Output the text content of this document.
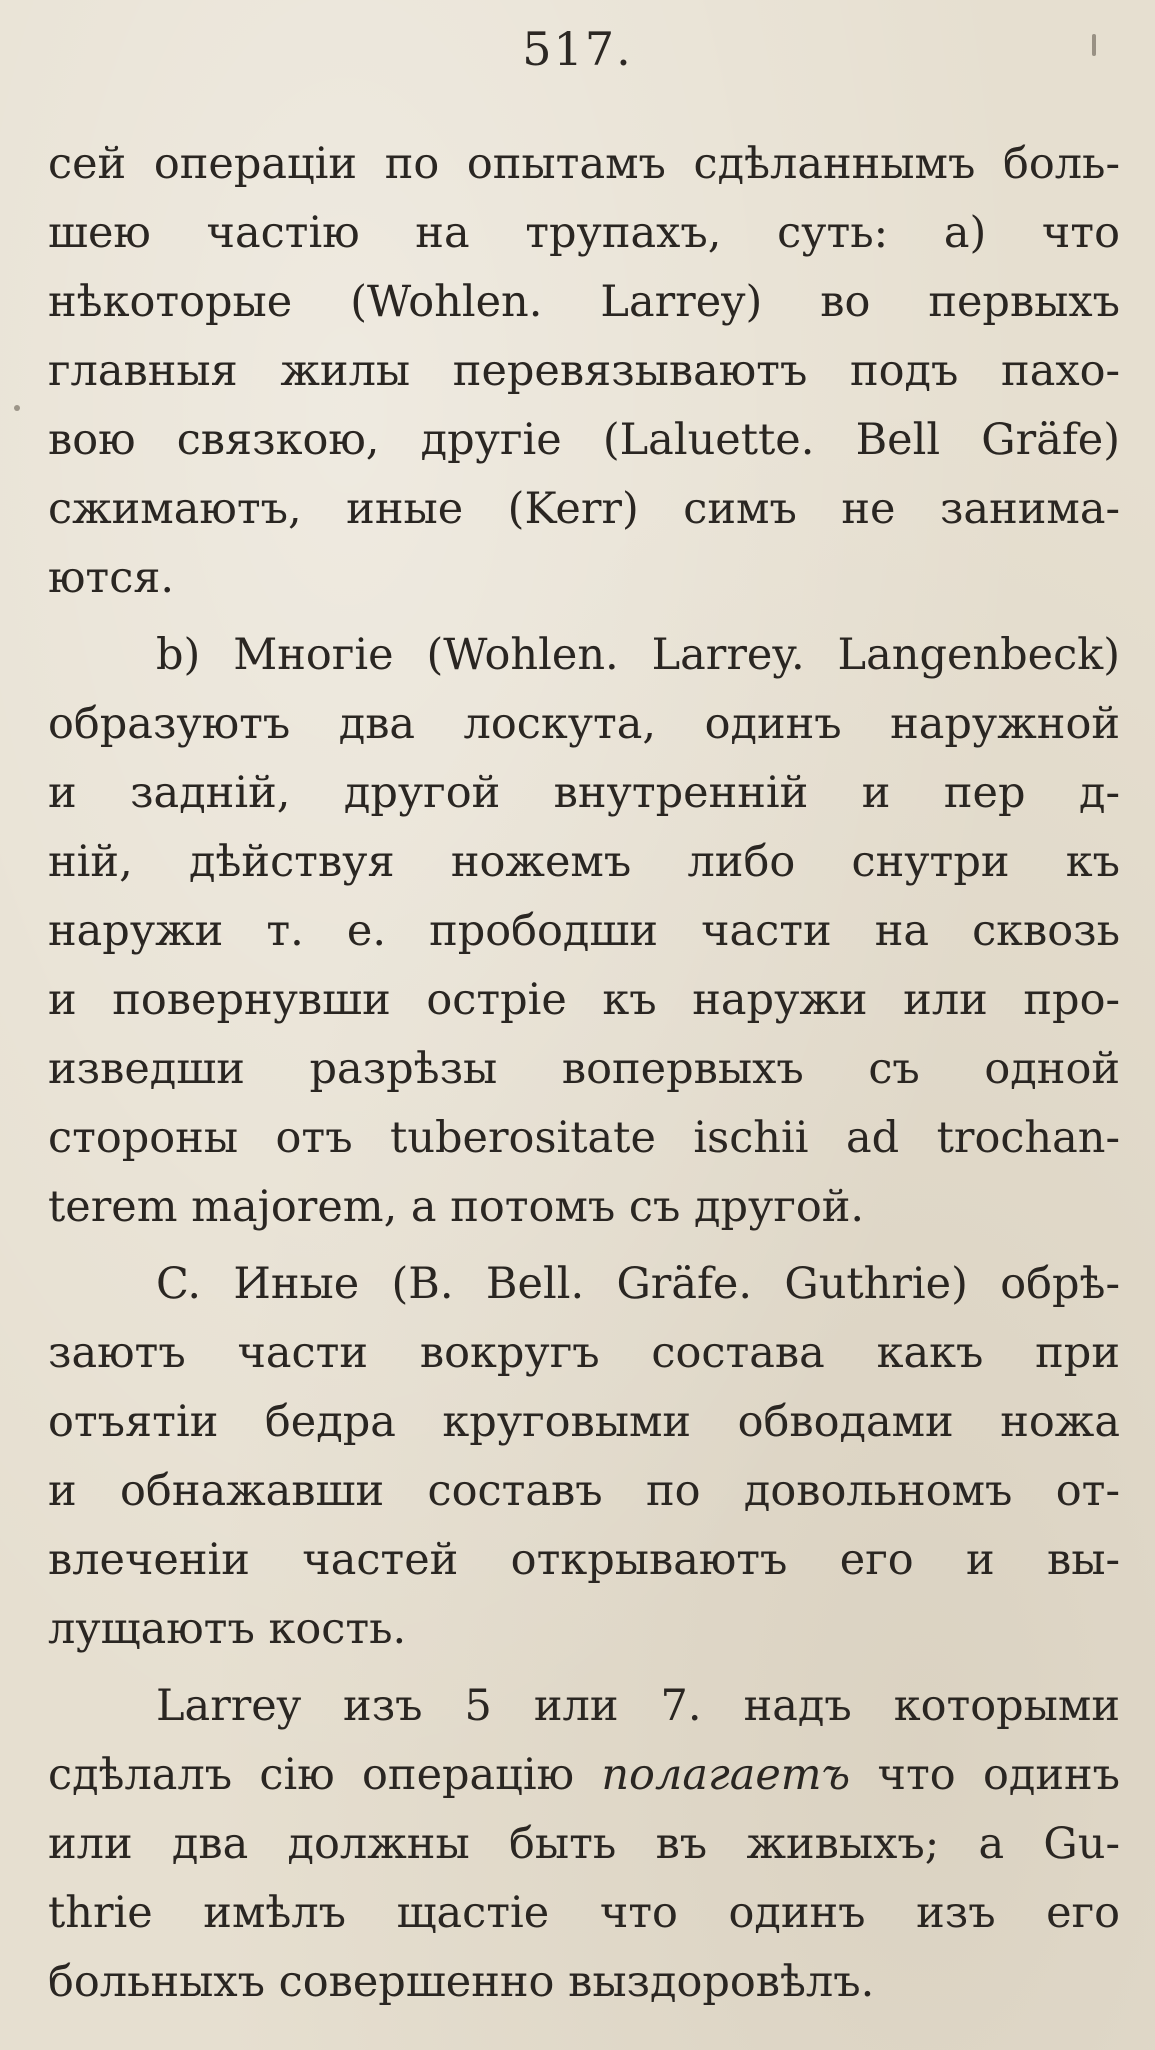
517.
сей операцiи по опытамъ сдѣланнымъ боль-
шею частiю на трупахъ, суть: а) что
нѣкоторые (Wohlen. Larrey) во первыхъ
главныя жилы перевязываютъ подъ пахо-
вою связкою, другiе (Laluette. Bell Gräfe)
сжимаютъ, иные (Kerr) симъ не занима-
ются.
b) Многiе (Wohlen. Larrey. Langenbeck)
образуютъ два лоскута, одинъ наружной
и заднiй, другой внутреннiй и пер д-
нiй, дѣйствуя ножемъ либо снутри къ
наружи т. е. прободши части на сквозь
и повернувши острiе къ наружи или про-
изведши разрѣзы вопервыхъ съ одной
стороны отъ tuberositate ischii ad trochan-
terem majorem, а потомъ съ другой.
C. Иные (B. Bell. Gräfe. Guthrie) обрѣ-
заютъ части вокругъ состава какъ при
отъятiи бедра круговыми обводами ножа
и обнажавши составъ по довольномъ от-
влеченiи частей открываютъ его и вы-
лущаютъ кость.
Larrey изъ 5 или 7. надъ которыми
сдѣлалъ сiю операцiю полагаетъ что одинъ
или два должны быть въ живыхъ; а Gu-
thrie имѣлъ щастiе что одинъ изъ его
больныхъ совершенно выздоровѣлъ.
